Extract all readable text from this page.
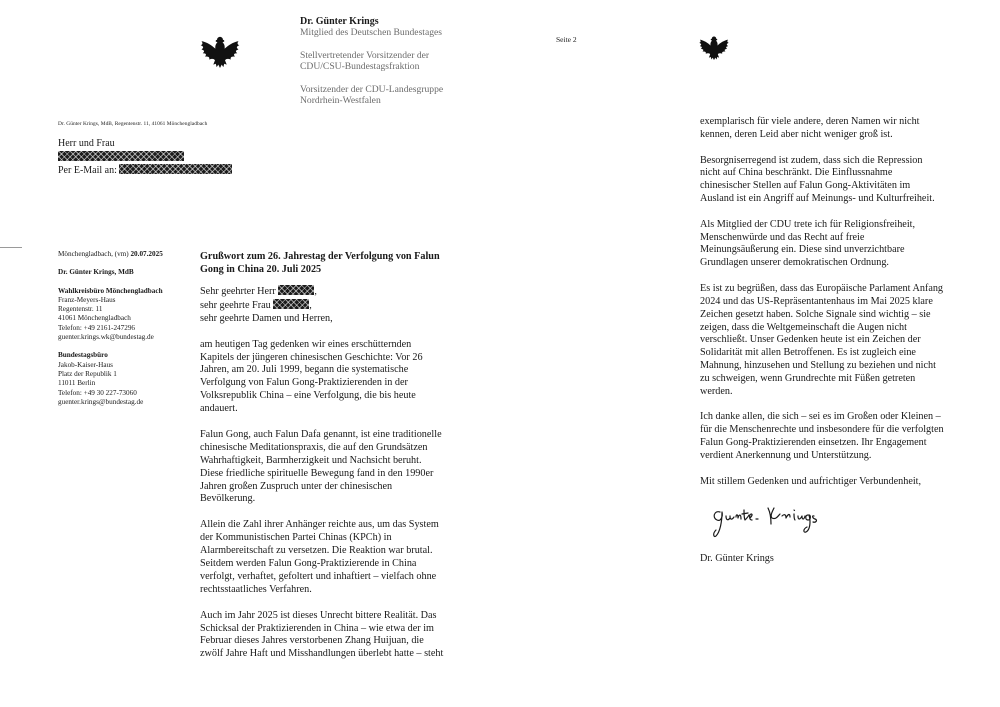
Dr. Günter Krings
Mitglied des Deutschen Bundestages
Stellvertretender Vorsitzender der
CDU/CSU-Bundestagsfraktion
Vorsitzender der CDU-Landesgruppe
Nordrhein-Westfalen
Dr. Günter Krings, MdB, Regentenstr. 11, 41061 Mönchengladbach
Herr und Frau
Per E-Mail an:
Mönchengladbach, (vm) 20.07.2025
Dr. Günter Krings, MdB
Wahlkreisbüro Mönchengladbach
Franz-Meyers-Haus
Regentenstr. 11
41061 Mönchengladbach
Telefon: +49 2161-247296
guenter.krings.wk@bundestag.de
Bundestagsbüro
Jakob-Kaiser-Haus
Platz der Republik 1
11011 Berlin
Telefon: +49 30 227-73060
guenter.krings@bundestag.de
Grußwort zum 26. Jahrestag der Verfolgung von Falun
Gong in China 20. Juli 2025
Sehr geehrter Herr	,
sehr geehrte Frau	,
sehr geehrte Damen und Herren,

am heutigen Tag gedenken wir eines erschütternden
Kapitels der jüngeren chinesischen Geschichte: Vor 26
Jahren, am 20. Juli 1999, begann die systematische
Verfolgung von Falun Gong-Praktizierenden in der
Volksrepublik China – eine Verfolgung, die bis heute
andauert.

Falun Gong, auch Falun Dafa genannt, ist eine traditionelle
chinesische Meditationspraxis, die auf den Grundsätzen
Wahrhaftigkeit, Barmherzigkeit und Nachsicht beruht.
Diese friedliche spirituelle Bewegung fand in den 1990er
Jahren großen Zuspruch unter der chinesischen
Bevölkerung.

Allein die Zahl ihrer Anhänger reichte aus, um das System
der Kommunistischen Partei Chinas (KPCh) in
Alarmbereitschaft zu versetzen. Die Reaktion war brutal.
Seitdem werden Falun Gong-Praktizierende in China
verfolgt, verhaftet, gefoltert und inhaftiert – vielfach ohne
rechtsstaatliches Verfahren.

Auch im Jahr 2025 ist dieses Unrecht bittere Realität. Das
Schicksal der Praktizierenden in China – wie etwa der im
Februar dieses Jahres verstorbenen Zhang Huijuan, die
zwölf Jahre Haft und Misshandlungen überlebt hatte – steht

Seite 2

exemplarisch für viele andere, deren Namen wir nicht
kennen, deren Leid aber nicht weniger groß ist.

Besorgniserregend ist zudem, dass sich die Repression
nicht auf China beschränkt. Die Einflussnahme
chinesischer Stellen auf Falun Gong-Aktivitäten im
Ausland ist ein Angriff auf Meinungs- und Kulturfreiheit.

Als Mitglied der CDU trete ich für Religionsfreiheit,
Menschenwürde und das Recht auf freie
Meinungsäußerung ein. Diese sind unverzichtbare
Grundlagen unserer demokratischen Ordnung.

Es ist zu begrüßen, dass das Europäische Parlament Anfang
2024 und das US-Repräsentantenhaus im Mai 2025 klare
Zeichen gesetzt haben. Solche Signale sind wichtig – sie
zeigen, dass die Weltgemeinschaft die Augen nicht
verschließt. Unser Gedenken heute ist ein Zeichen der
Solidarität mit allen Betroffenen. Es ist zugleich eine
Mahnung, hinzusehen und Stellung zu beziehen und nicht
zu schweigen, wenn Grundrechte mit Füßen getreten
werden.

Ich danke allen, die sich – sei es im Großen oder Kleinen –
für die Menschenrechte und insbesondere für die verfolgten
Falun Gong-Praktizierenden einsetzen. Ihr Engagement
verdient Anerkennung und Unterstützung.

Mit stillem Gedenken und aufrichtiger Verbundenheit,

Dr. Günter Krings
